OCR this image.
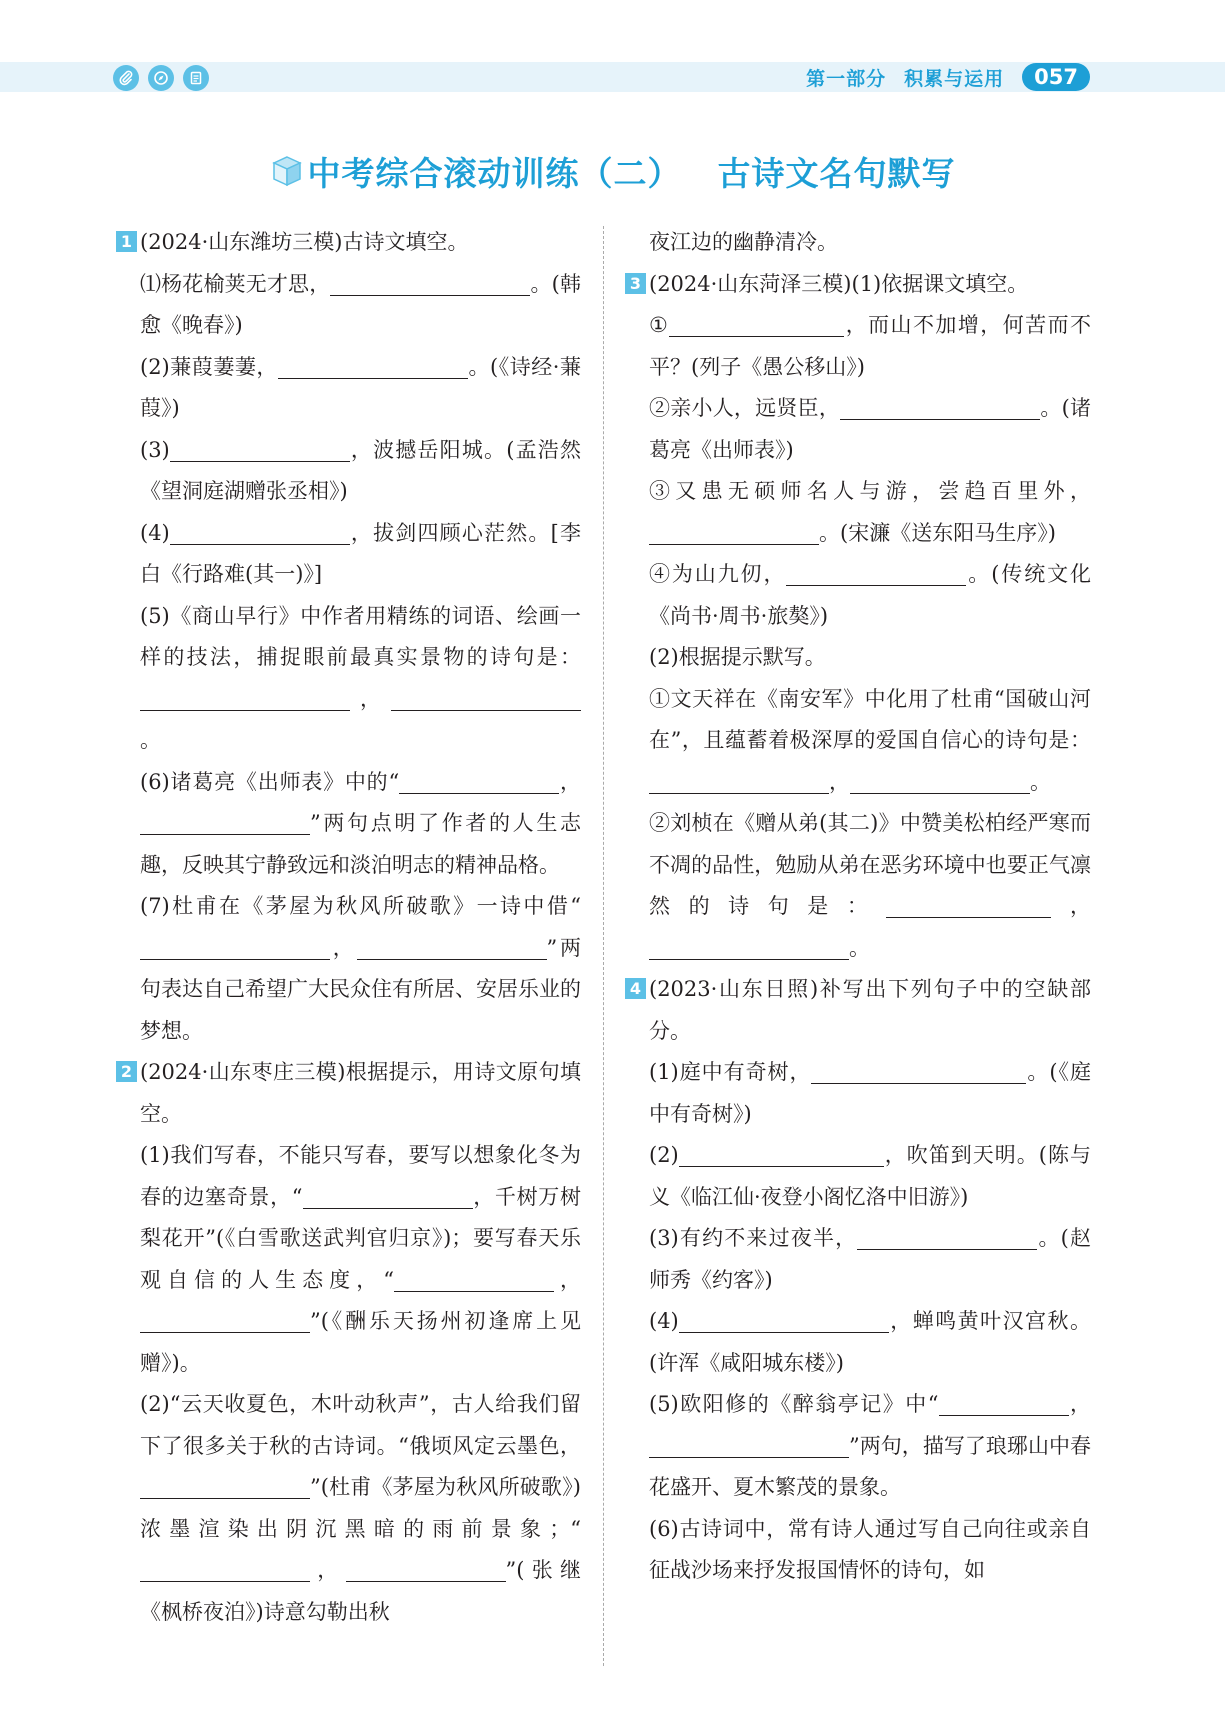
第一部分 积累与运用	057
中考综合滚动训练（二） 古诗文名句默写

1 (2024·山东潍坊三模)古诗文填空。

⑴杨花榆荚无才思，	。(韩愈《晚春》)

(2)蒹葭萋萋，	。(《诗经·蒹葭》)

(3)	，波撼岳阳城。(孟浩然《望洞庭湖赠张丞相》)

(4)	，拔剑四顾心茫然。[李白《行路难(其一)》]

(5)《商山早行》中作者用精练的词语、绘画一样的技法，捕捉眼前最真实景物的诗句是：，。

(6)诸葛亮《出师表》中的“	，”两句点明了作者的人生志趣，反映其宁静致远和淡泊明志的精神品格。

(7)杜甫在《茅屋为秋风所破歌》一诗中借“，	”两句表达自己希望广大民众住有所居、安居乐业的梦想。

2 (2024·山东枣庄三模)根据提示，用诗文原句填空。

(1)我们写春，不能只写春，要写以想象化冬为春的边塞奇景，“	，千树万树梨花开”(《白雪歌送武判官归京》)；要写春天乐观自信的人生态度，“	，”(《酬乐天扬州初逢席上见赠》)。

(2)“云天收夏色，木叶动秋声”，古人给我们留下了很多关于秋的古诗词。“俄顷风定云墨色，”(杜甫《茅屋为秋风所破歌》)浓墨渲染出阴沉黑暗的雨前景象；“，	”(张继《枫桥夜泊》)诗意勾勒出秋

夜江边的幽静清冷。

3 (2024·山东菏泽三模)(1)依据课文填空。

①	，而山不加增，何苦而不平？(列子《愚公移山》)

②亲小人，远贤臣，	。(诸葛亮《出师表》)

③又患无硕师名人与游，尝趋百里外，。(宋濂《送东阳马生序》)

④为山九仞，	。(传统文化《尚书·周书·旅獒》)

(2)根据提示默写。

①文天祥在《南安军》中化用了杜甫“国破山河在”，且蕴蓄着极深厚的爱国自信心的诗句是：，	。

②刘桢在《赠从弟(其二)》中赞美松柏经严寒而不凋的品性，勉励从弟在恶劣环境中也要正气凛然的诗句是：	，。

4 (2023·山东日照)补写出下列句子中的空缺部分。

(1)庭中有奇树，	。(《庭中有奇树》)

(2)	，吹笛到天明。(陈与义《临江仙·夜登小阁忆洛中旧游》)

(3)有约不来过夜半，	。(赵师秀《约客》)

(4)	，蝉鸣黄叶汉宫秋。(许浑《咸阳城东楼》)

(5)欧阳修的《醉翁亭记》中“	，”两句，描写了琅琊山中春花盛开、夏木繁茂的景象。

(6)古诗词中，常有诗人通过写自己向往或亲自征战沙场来抒发报国情怀的诗句，如
